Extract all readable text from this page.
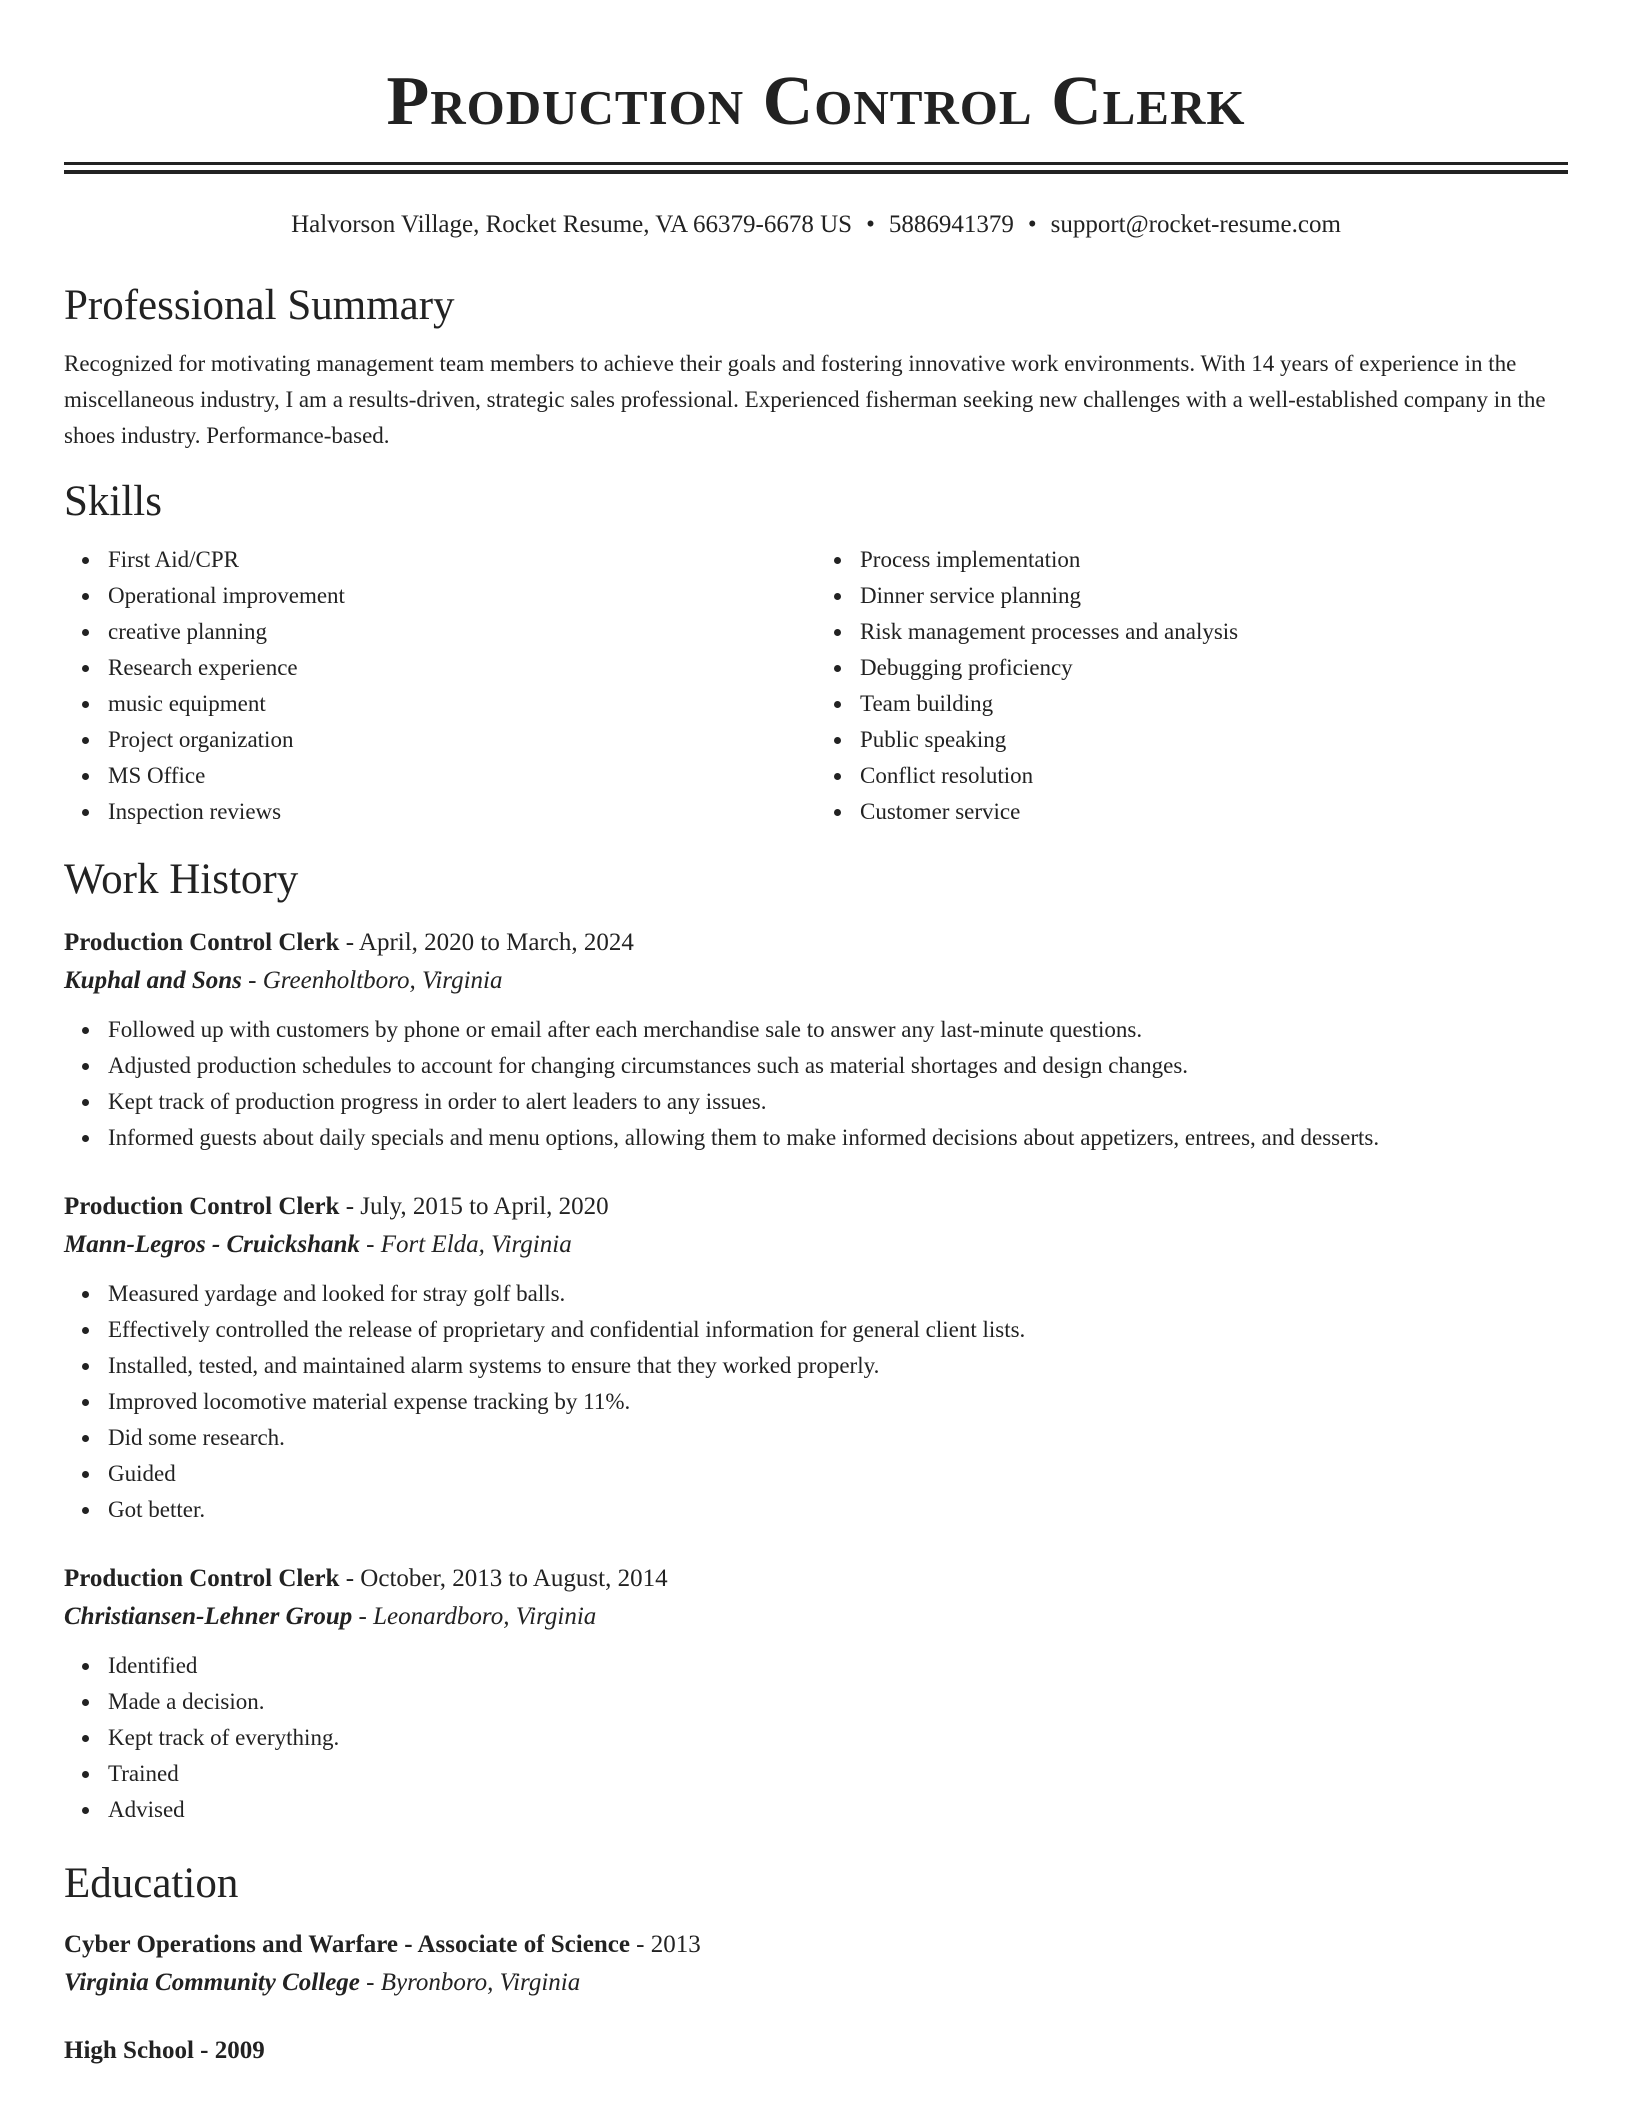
Production Control Clerk
Halvorson Village, Rocket Resume, VA 66379-6678 US • 5886941379 • support@rocket-resume.com
Professional Summary

Recognized for motivating management team members to achieve their goals and fostering innovative work environments. With 14 years of experience in the miscellaneous industry, I am a results-driven, strategic sales professional. Experienced fisherman seeking new challenges with a well-established company in the shoes industry. Performance-based.

Skills
First Aid/CPR
Operational improvement
creative planning
Research experience
music equipment
Project organization
MS Office
Inspection reviews
Process implementation
Dinner service planning
Risk management processes and analysis
Debugging proficiency
Team building
Public speaking
Conflict resolution
Customer service
Work History
Production Control Clerk - April, 2020 to March, 2024
Kuphal and Sons - Greenholtboro, Virginia
Followed up with customers by phone or email after each merchandise sale to answer any last-minute questions.
Adjusted production schedules to account for changing circumstances such as material shortages and design changes.
Kept track of production progress in order to alert leaders to any issues.
Informed guests about daily specials and menu options, allowing them to make informed decisions about appetizers, entrees, and desserts.
Production Control Clerk - July, 2015 to April, 2020
Mann-Legros - Cruickshank - Fort Elda, Virginia
Measured yardage and looked for stray golf balls.
Effectively controlled the release of proprietary and confidential information for general client lists.
Installed, tested, and maintained alarm systems to ensure that they worked properly.
Improved locomotive material expense tracking by 11%.
Did some research.
Guided
Got better.
Production Control Clerk - October, 2013 to August, 2014
Christiansen-Lehner Group - Leonardboro, Virginia
Identified
Made a decision.
Kept track of everything.
Trained
Advised
Education
Cyber Operations and Warfare - Associate of Science - 2013
Virginia Community College - Byronboro, Virginia
High School - 2009
